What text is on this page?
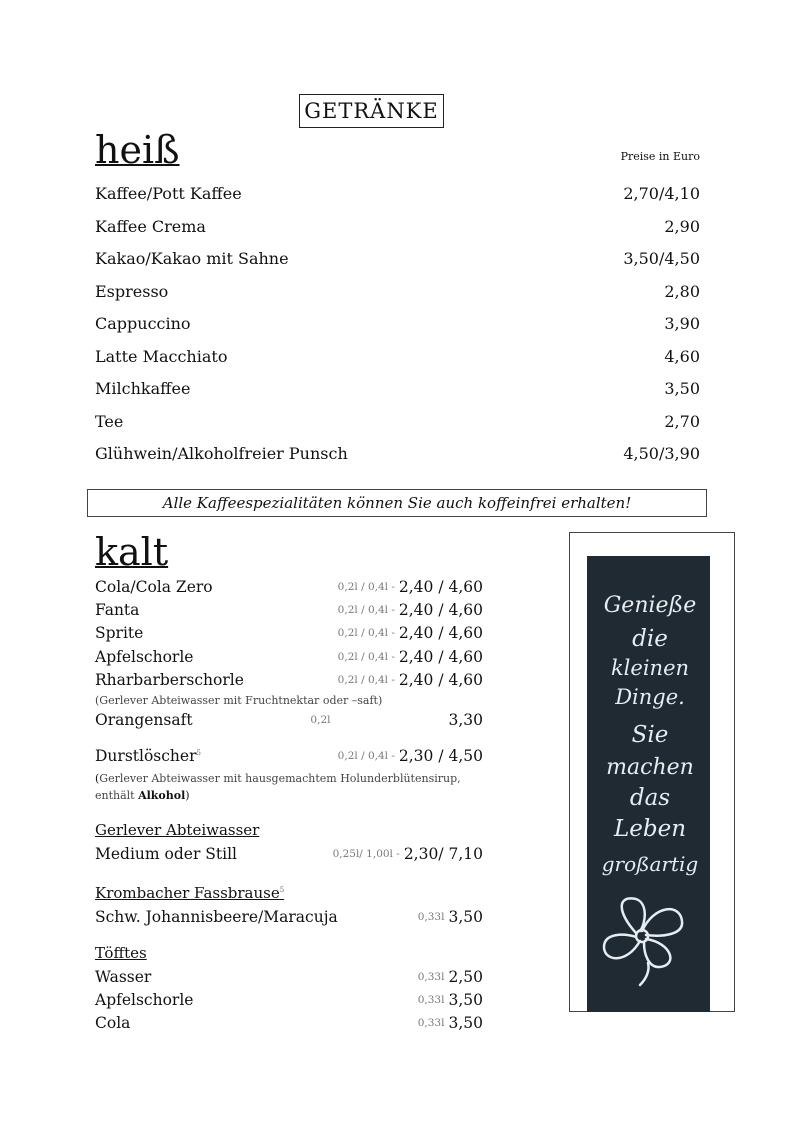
GETRÄNKE
heiß	Preise in Euro
Kaffee/Pott Kaffee	2,70/4,10
Kaffee Crema	2,90
Kakao/Kakao mit Sahne	3,50/4,50
Espresso	2,80
Cappuccino	3,90
Latte Macchiato	4,60
Milchkaffee	3,50
Tee	2,70
Glühwein/Alkoholfreier Punsch	4,50/3,90
Alle Kaffeespezialitäten können Sie auch koffeinfrei erhalten!
kalt
Cola/Cola Zero	0,2l / 0,4l - 2,40 / 4,60
Fanta	0,2l / 0,4l - 2,40 / 4,60
Sprite	0,2l / 0,4l - 2,40 / 4,60
Apfelschorle	0,2l / 0,4l - 2,40 / 4,60
Rharbarberschorle	0,2l / 0,4l - 2,40 / 4,60
(Gerlever Abteiwasser mit Fruchtnektar oder –saft)
Orangensaft	0,2l	3,30
Durstlöscher$^5$	0,2l / 0,4l - 2,30 / 4,50
(Gerlever Abteiwasser mit hausgemachtem Holunderblütensirup,
enthält Alkohol)
Gerlever Abteiwasser
Medium oder Still	0,25l/ 1,00l - 2,30/ 7,10
Krombacher Fassbrause$^5$
Schw. Johannisbeere/Maracuja	0,33l 3,50
Töfftes
Wasser	0,33l 2,50
Apfelschorle	0,33l 3,50
Cola	0,33l 3,50
Genieße
die
kleinen
Dinge.
Sie
machen
das
Leben
großartig
